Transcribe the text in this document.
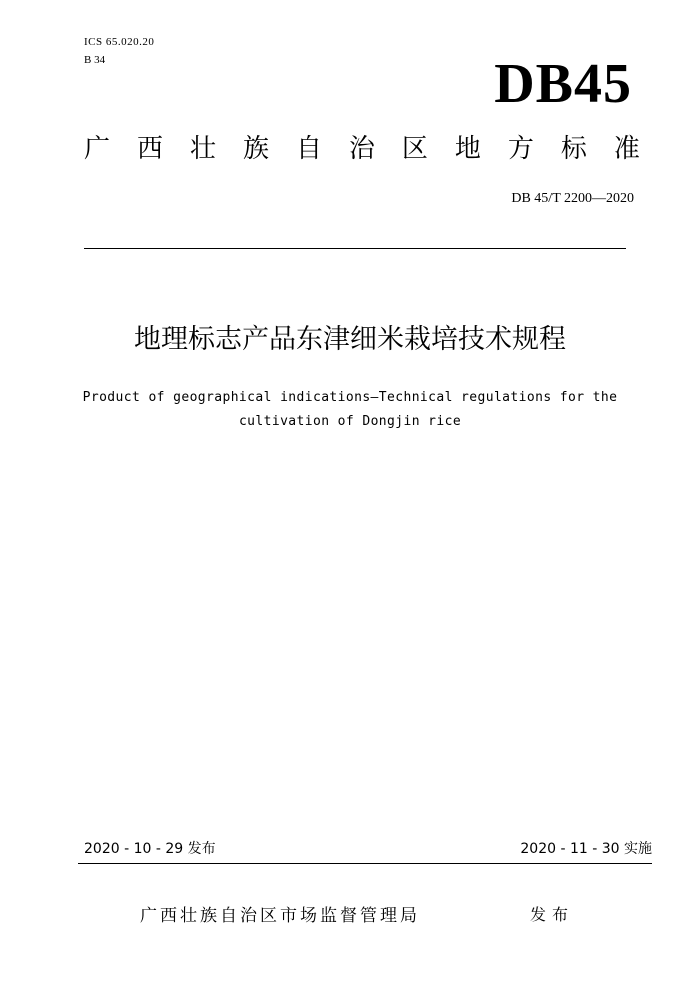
ICS 65.020.20
B 34	DB45
广 西 壮 族 自 治 区 地 方 标 准
DB 45/T 2200—2020
地理标志产品东津细米栽培技术规程
Product of geographical indications—Technical regulations for the
cultivation of Dongjin rice
2020 - 10 - 29 发布	2020 - 11 - 30 实施
广西壮族自治区市场监督管理局	发布
